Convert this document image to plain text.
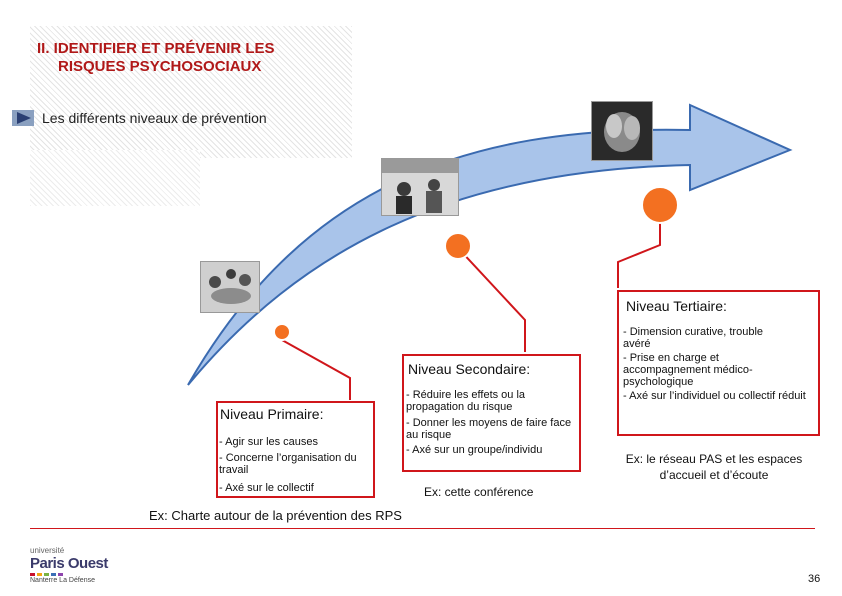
II. IDENTIFIER ET PRÉVENIR LES
RISQUES PSYCHOSOCIAUX
Les différents niveaux de prévention
Niveau Primaire:
- Agir sur les causes
- Concerne l’organisation du travail
- Axé sur le collectif
Niveau Secondaire:
- Réduire les effets ou la propagation du risque
- Donner les moyens de faire face au risque
- Axé sur un groupe/individu
Ex: cette conférence
Niveau Tertiaire:
- Dimension curative, trouble avéré
- Prise en charge et accompagnement médico-psychologique
- Axé sur l’individuel ou collectif réduit
Ex: le réseau PAS et les espaces d’accueil et d’écoute
Ex: Charte autour de la prévention des RPS
université
Paris Ouest
Nanterre La Défense	36
